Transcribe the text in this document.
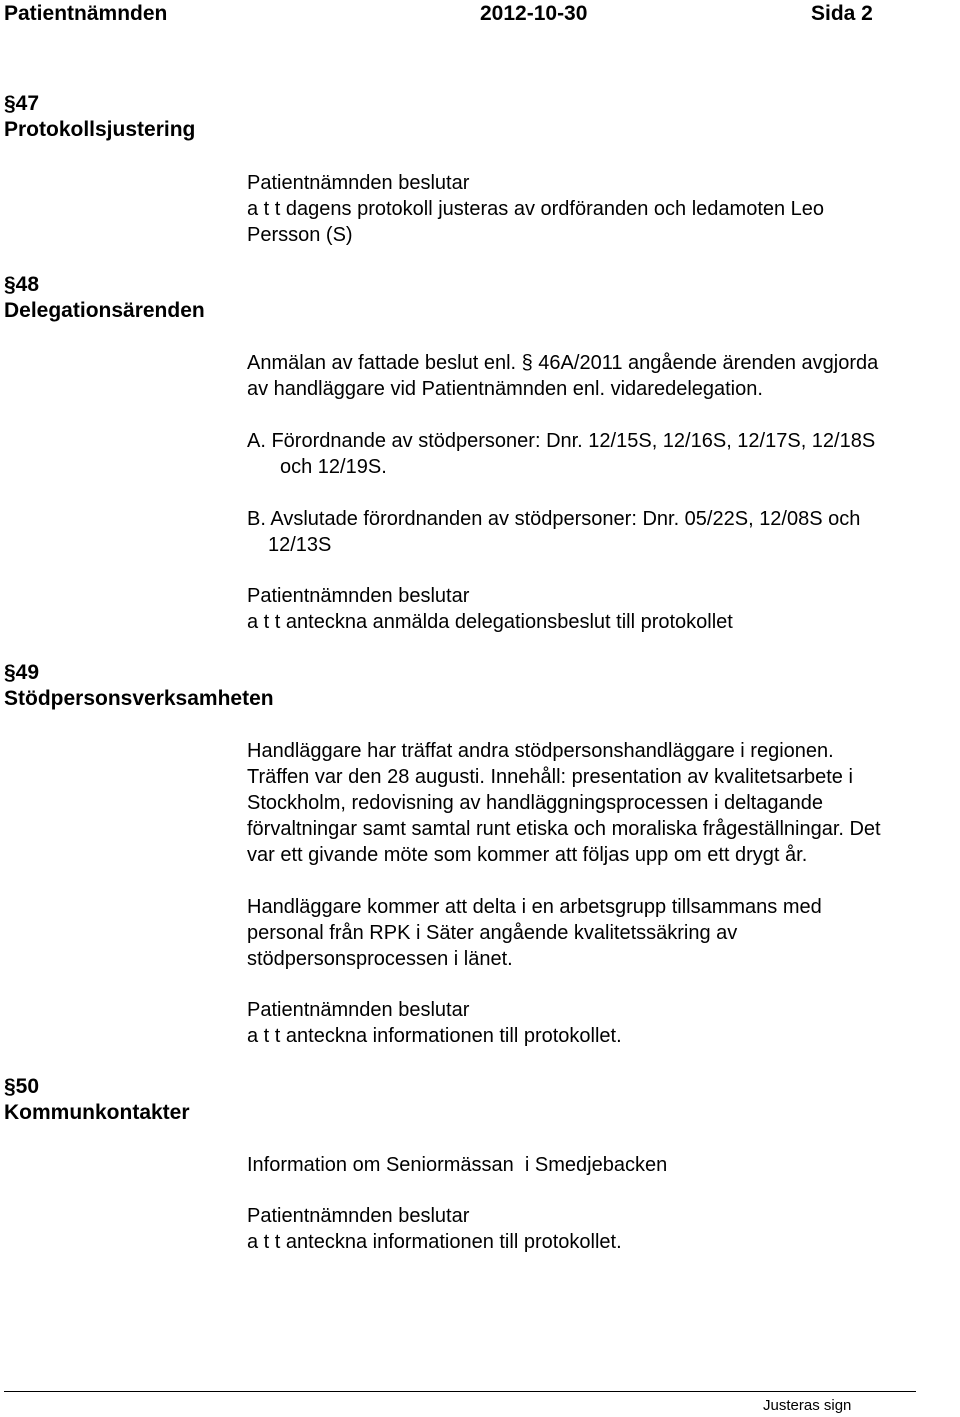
Patientnämnden	2012-10-30	Sida 2
§47
Protokollsjustering
Patientnämnden beslutar
a t t dagens protokoll justeras av ordföranden och ledamoten Leo
Persson (S)
§48
Delegationsärenden
Anmälan av fattade beslut enl. § 46A/2011 angående ärenden avgjorda
av handläggare vid Patientnämnden enl. vidaredelegation.
A. Förordnande av stödpersoner: Dnr. 12/15S, 12/16S, 12/17S, 12/18S
och 12/19S.
B. Avslutade förordnanden av stödpersoner: Dnr. 05/22S, 12/08S och
12/13S
Patientnämnden beslutar
a t t anteckna anmälda delegationsbeslut till protokollet
§49
Stödpersonsverksamheten
Handläggare har träffat andra stödpersonshandläggare i regionen.
Träffen var den 28 augusti. Innehåll: presentation av kvalitetsarbete i
Stockholm, redovisning av handläggningsprocessen i deltagande
förvaltningar samt samtal runt etiska och moraliska frågeställningar. Det
var ett givande möte som kommer att följas upp om ett drygt år.
Handläggare kommer att delta i en arbetsgrupp tillsammans med
personal från RPK i Säter angående kvalitetssäkring av
stödpersonsprocessen i länet.
Patientnämnden beslutar
a t t anteckna informationen till protokollet.
§50
Kommunkontakter
Information om Seniormässan  i Smedjebacken
Patientnämnden beslutar
a t t anteckna informationen till protokollet.
Justeras sign
